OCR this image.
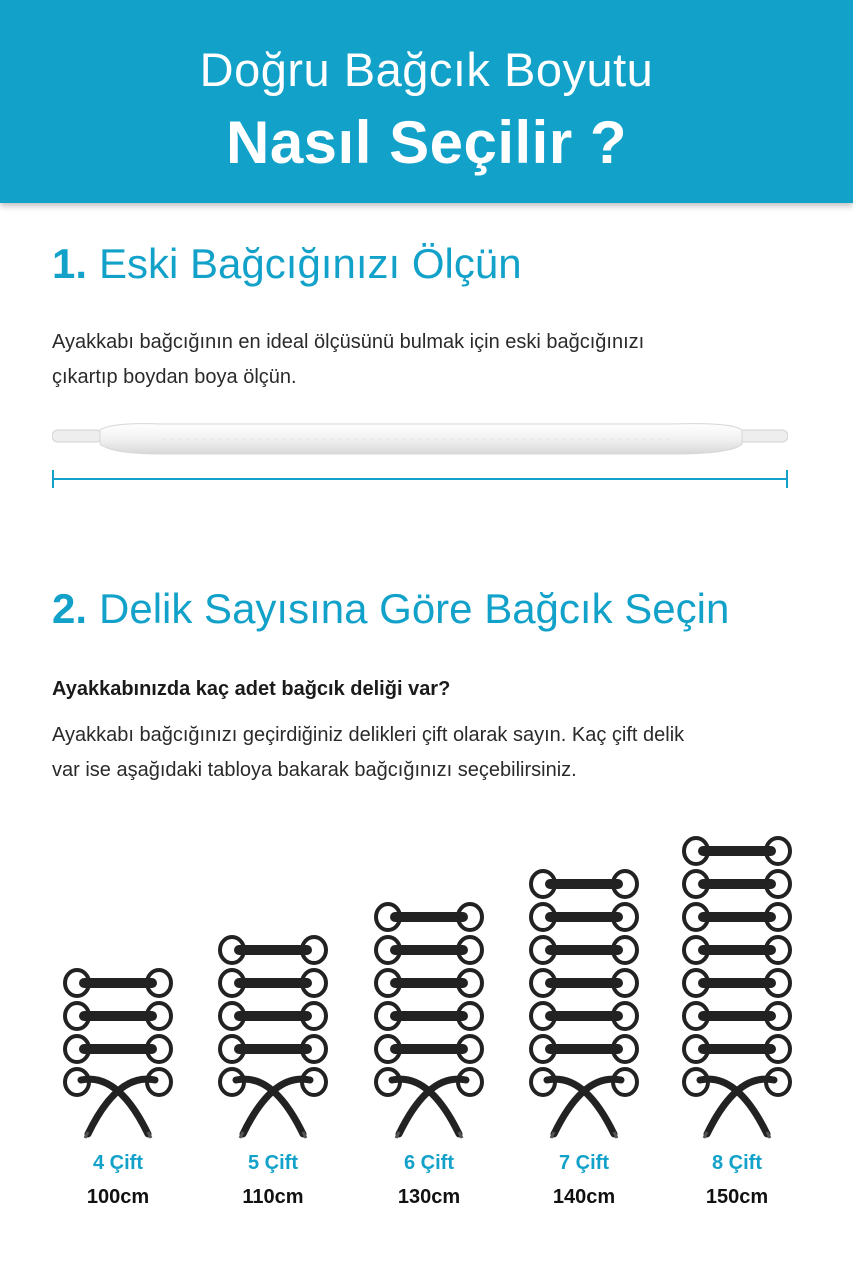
Doğru Bağcık Boyutu
Nasıl Seçilir ?
1. Eski Bağcığınızı Ölçün
Ayakkabı bağcığının en ideal ölçüsünü bulmak için eski bağcığınızı
çıkartıp boydan boya ölçün.
2. Delik Sayısına Göre Bağcık Seçin
Ayakkabınızda kaç adet bağcık deliği var?
Ayakkabı bağcığınızı geçirdiğiniz delikleri çift olarak sayın. Kaç çift delik
var ise aşağıdaki tabloya bakarak bağcığınızı seçebilirsiniz.
4 Çift
100cm
5 Çift
110cm
6 Çift
130cm
7 Çift
140cm
8 Çift
150cm
